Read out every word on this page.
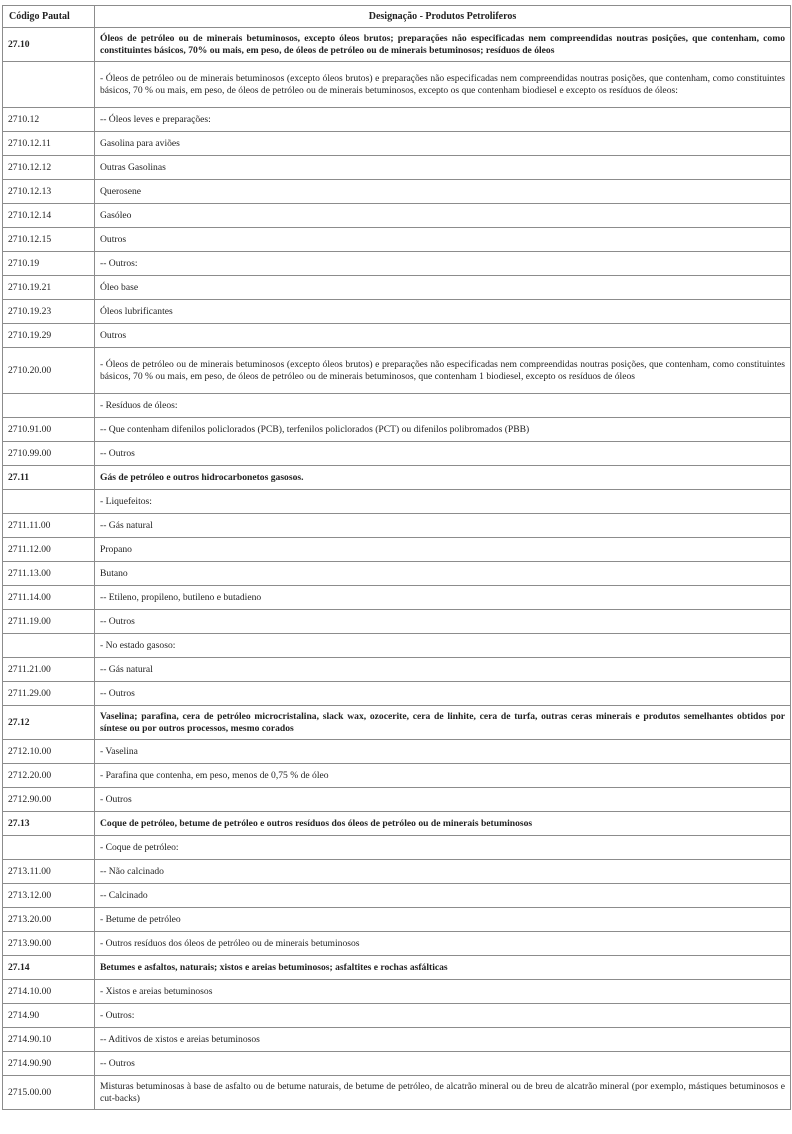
Código Pautal	Designação - Produtos Petroliferos
27.10	Óleos de petróleo ou de minerais betuminosos, excepto óleos brutos; preparações não especificadas nem compreendidas noutras posições, que contenham, como constituintes básicos, 70% ou mais, em peso, de óleos de petróleo ou de minerais betuminosos; resíduos de óleos
	- Óleos de petróleo ou de minerais betuminosos (excepto óleos brutos) e preparações não especificadas nem compreendidas noutras posições, que contenham, como constituintes básicos, 70 % ou mais, em peso, de óleos de petróleo ou de minerais betuminosos, excepto os que contenham biodiesel e excepto os resíduos de óleos:
2710.12	-- Óleos leves e preparações:
2710.12.11	Gasolina para aviões
2710.12.12	Outras Gasolinas
2710.12.13	Querosene
2710.12.14	Gasóleo
2710.12.15	Outros
2710.19	-- Outros:
2710.19.21	Óleo base
2710.19.23	Óleos lubrificantes
2710.19.29	Outros
2710.20.00	- Óleos de petróleo ou de minerais betuminosos (excepto óleos brutos) e preparações não especificadas nem compreendidas noutras posições, que contenham, como constituintes básicos, 70 % ou mais, em peso, de óleos de petróleo ou de minerais betuminosos, que contenham 1 biodiesel, excepto os resíduos de óleos
	- Resíduos de óleos:
2710.91.00	-- Que contenham difenilos policlorados (PCB), terfenilos policlorados (PCT) ou difenilos polibromados (PBB)
2710.99.00	-- Outros
27.11	Gás de petróleo e outros hidrocarbonetos gasosos.
	- Liquefeitos:
2711.11.00	-- Gás natural
2711.12.00	Propano
2711.13.00	Butano
2711.14.00	-- Etileno, propileno, butileno e butadieno
2711.19.00	-- Outros
	- No estado gasoso:
2711.21.00	-- Gás natural
2711.29.00	-- Outros
27.12	Vaselina; parafina, cera de petróleo microcristalina, slack wax, ozocerite, cera de linhite, cera de turfa, outras ceras minerais e produtos semelhantes obtidos por síntese ou por outros processos, mesmo corados
2712.10.00	- Vaselina
2712.20.00	- Parafina que contenha, em peso, menos de 0,75 % de óleo
2712.90.00	- Outros
27.13	Coque de petróleo, betume de petróleo e outros resíduos dos óleos de petróleo ou de minerais betuminosos
	- Coque de petróleo:
2713.11.00	-- Não calcinado
2713.12.00	-- Calcinado
2713.20.00	- Betume de petróleo
2713.90.00	- Outros resíduos dos óleos de petróleo ou de minerais betuminosos
27.14	Betumes e asfaltos, naturais; xistos e areias betuminosos; asfaltites e rochas asfálticas
2714.10.00	- Xistos e areias betuminosos
2714.90	- Outros:
2714.90.10	-- Aditivos de xistos e areias betuminosos
2714.90.90	-- Outros
2715.00.00	Misturas betuminosas à base de asfalto ou de betume naturais, de betume de petróleo, de alcatrão mineral ou de breu de alcatrão mineral (por exemplo, mástiques betuminosos e cut-backs)
